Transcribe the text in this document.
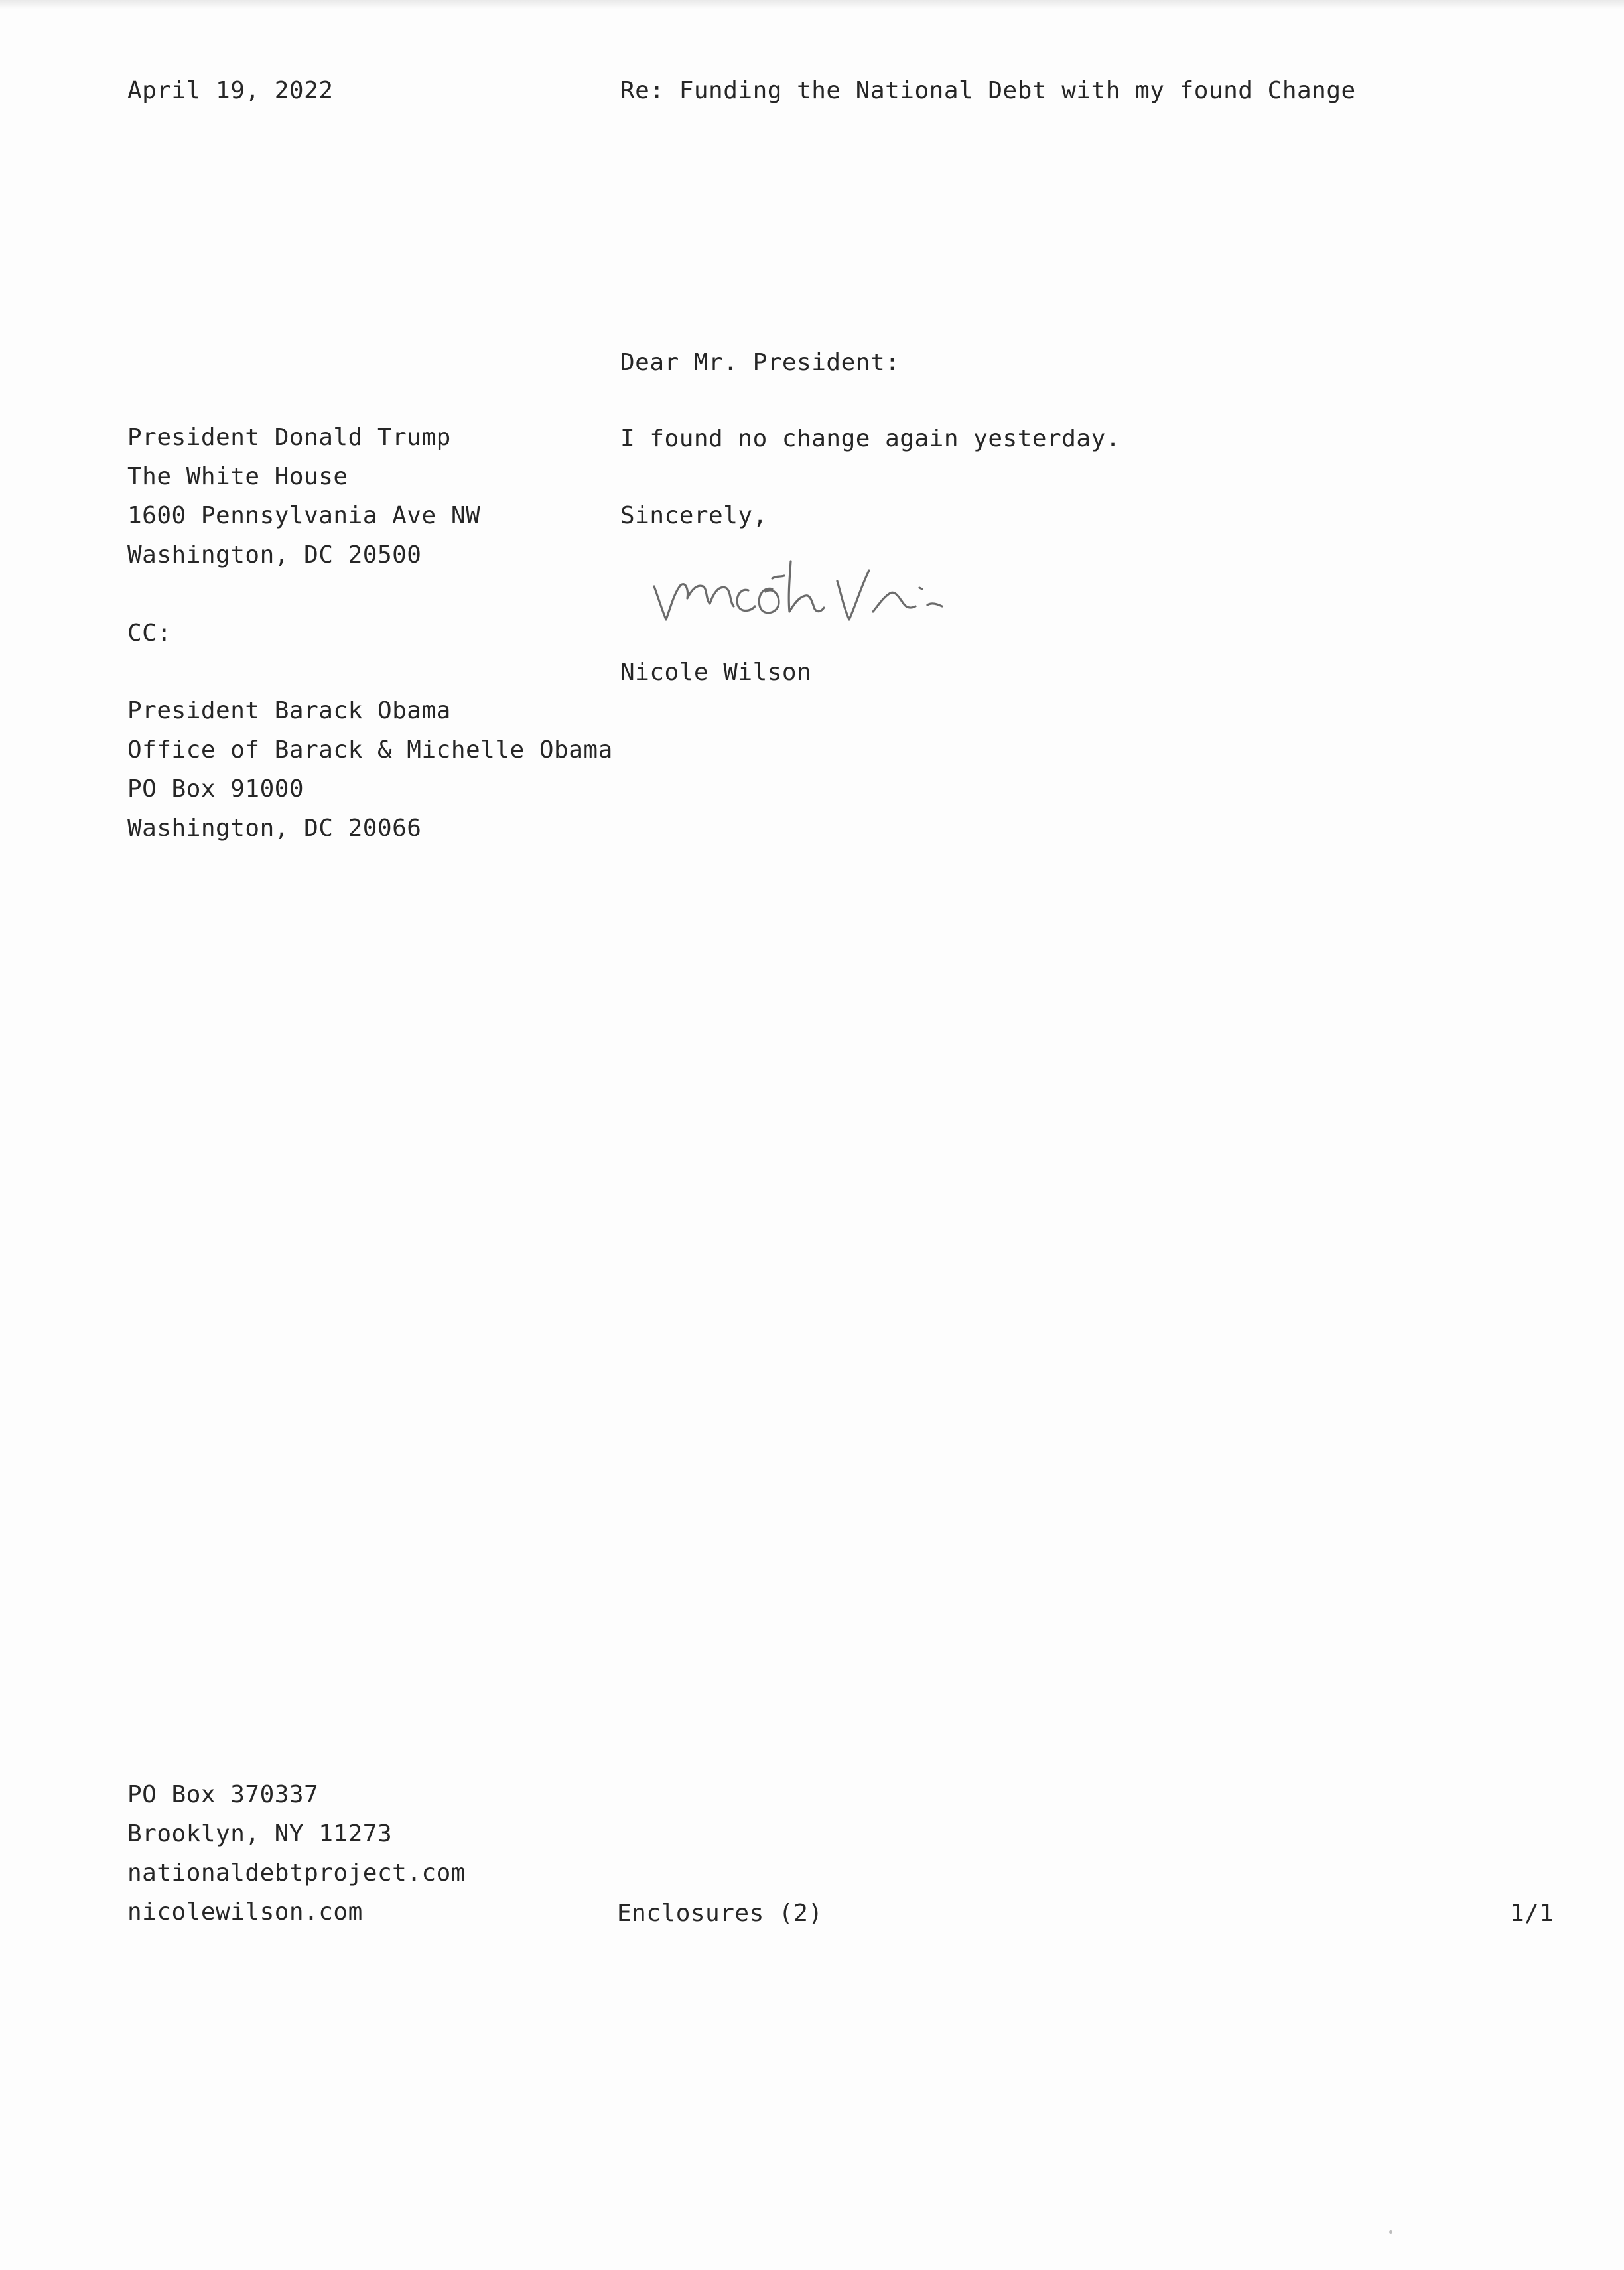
April 19, 2022	Re: Funding the National Debt with my found Change
President Donald Trump
The White House
1600 Pennsylvania Ave NW
Washington, DC 20500
CC:
President Barack Obama
Office of Barack & Michelle Obama
PO Box 91000
Washington, DC 20066
Dear Mr. President:
I found no change again yesterday.
Sincerely,
Nicole Wilson
PO Box 370337
Brooklyn, NY 11273
nationaldebtproject.com
nicolewilson.com	Enclosures (2)	1/1
